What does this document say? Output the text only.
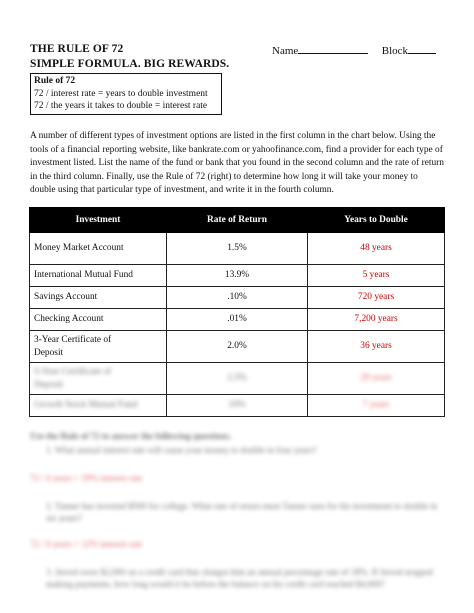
THE RULE OF 72
SIMPLE FORMULA. BIG REWARDS.
Name	Block
Rule of 72
72 / interest rate = years to double investment
72 / the years it takes to double = interest rate
A number of different types of investment options are listed in the first column in the chart below. Using the tools of a financial reporting website, like bankrate.com or yahoofinance.com, find a provider for each type of investment listed. List the name of the fund or bank that you found in the second column and the rate of return in the third column. Finally, use the Rule of 72 (right) to determine how long it will take your money to double using that particular type of investment, and write it in the fourth column.
Investment	Rate of Return	Years to Double
Money Market Account	1.5%	48 years
International Mutual Fund	13.9%	5 years
Savings Account	.10%	720 years
Checking Account	.01%	7,200 years
3-Year Certificate of Deposit	2.0%	36 years
5-Year Certificate of Deposit	2.5%	29 years
Growth Stock Mutual Fund	10%	7 years
Use the Rule of 72 to answer the following questions.
1. What annual interest rate will cause your money to double in four years?
72 / 4 years = 18% interest rate
2. Tanner has invested $500 for college. What rate of return must Tanner earn for his investment to double in six years?
72 / 6 years = 12% interest rate
3. Jerrod owes $2,000 on a credit card that charges him an annual percentage rate of 18%. If Jerrod stopped making payments, how long would it be before the balance on his credit card reached $4,000?
